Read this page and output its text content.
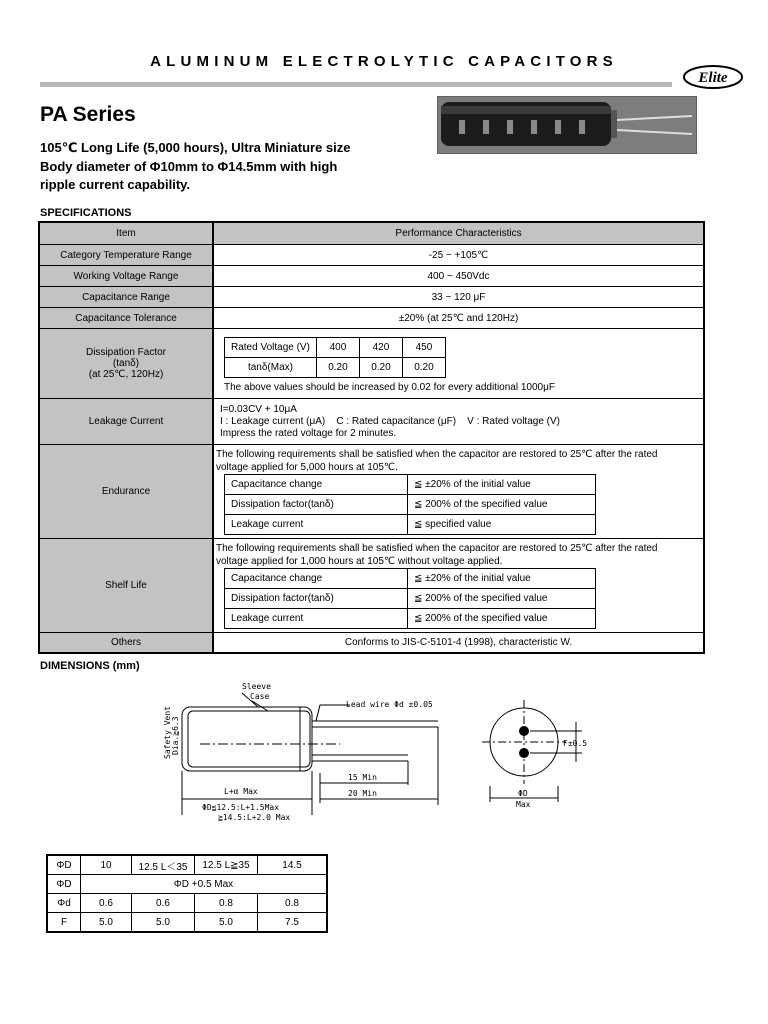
ALUMINUM ELECTROLYTIC CAPACITORS
Elite
PA Series
105℃ Long Life (5,000 hours), Ultra Miniature size
Body diameter of Φ10mm to Φ14.5mm with high
ripple current capability.
SPECIFICATIONS
Item	Performance Characteristics
Category Temperature Range	-25 ~ +105℃
Working Voltage Range	400 ~ 450Vdc
Capacitance Range	33 ~ 120 μF
Capacitance Tolerance	±20% (at 25℃ and 120Hz)

Dissipation Factor
(tanδ)
(at 25℃, 120Hz)

Rated Voltage (V)	400	420	450
tanδ(Max)	0.20	0.20	0.20
The above values should be increased by 0.02 for every additional 1000μF

Leakage Current	
I=0.03CV + 10μA
I : Leakage current (μA)    C : Rated capacitance (μF)    V : Rated voltage (V)
Impress the rated voltage for 2 minutes.

Endurance	
The following requirements shall be satisfied when the capacitor are restored to 25℃ after the rated
voltage applied for 5,000 hours at 105℃.
Capacitance change	≦ ±20% of the initial value
Dissipation factor(tanδ)	≦ 200% of the specified value
Leakage current	≦ specified value

Shelf Life	
The following requirements shall be satisfied when the capacitor are restored to 25℃ after the rated
voltage applied for 1,000 hours at 105℃ without voltage applied.
Capacitance change	≦ ±20% of the initial value
Dissipation factor(tanδ)	≦ 200% of the specified value
Leakage current	≦ 200% of the specified value

Others	Conforms to JIS-C-5101-4 (1998), characteristic W.
DIMENSIONS (mm)
Sleeve
Case
Lead wire Φd ±0.05
Safety Vent Dia.≧6.3
L+α Max
15 Min
20 Min
ΦD≦12.5:L+1.5Max
≧14.5:L+2.0 Max
F±0.5
ΦD
Max
ΦD	10	12.5 L＜35	12.5 L≧35	14.5
ΦD	ΦD +0.5 Max			
Φd	0.6	0.6	0.8	0.8
F	5.0	5.0	5.0	7.5
